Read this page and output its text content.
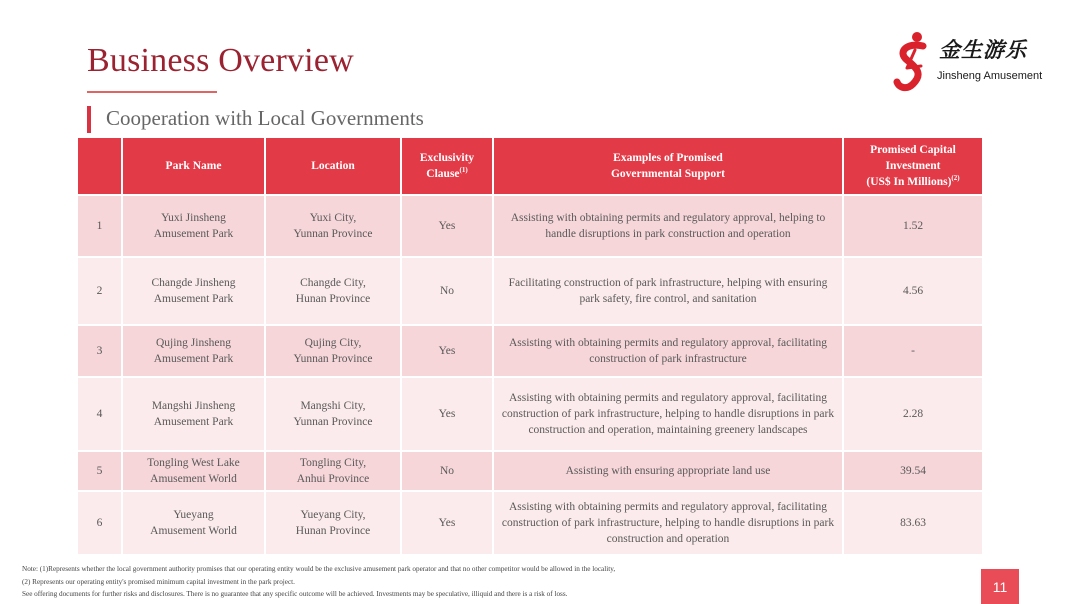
Business Overview	金生游乐
Jinsheng Amusement
Cooperation with Local Governments
	Park Name	Location	Exclusivity
Clause$^{(1)}$	Examples of Promised
Governmental Support	Promised Capital
Investment
(US$ In Millions)$^{(2)}$
1	Yuxi Jinsheng
Amusement Park	Yuxi City,
Yunnan Province	Yes	Assisting with obtaining permits and regulatory approval, helping to handle disruptions in park construction and operation	1.52
2	Changde Jinsheng
Amusement Park	Changde City,
Hunan Province	No	Facilitating construction of park infrastructure, helping with ensuring park safety, fire control, and sanitation	4.56
3	Qujing Jinsheng
Amusement Park	Qujing City,
Yunnan Province	Yes	Assisting with obtaining permits and regulatory approval, facilitating construction of park infrastructure	-
4	Mangshi Jinsheng
Amusement Park	Mangshi City,
Yunnan Province	Yes	Assisting with obtaining permits and regulatory approval, facilitating construction of park infrastructure, helping to handle disruptions in park construction and operation, maintaining greenery landscapes	2.28
5	Tongling West Lake
Amusement World	Tongling City,
Anhui Province	No	Assisting with ensuring appropriate land use	39.54
6	Yueyang
Amusement World	Yueyang City,
Hunan Province	Yes	Assisting with obtaining permits and regulatory approval, facilitating construction of park infrastructure, helping to handle disruptions in park construction and operation	83.63
Note: (1)Represents whether the local government authority promises that our operating entity would be the exclusive amusement park operator and that no other competitor would be allowed in the locality,
(2) Represents our operating entity's promised minimum capital investment in the park project.
See offering documents for further risks and disclosures. There is no guarantee that any specific outcome will be achieved. Investments may be speculative, illiquid and there is a risk of loss.	11
